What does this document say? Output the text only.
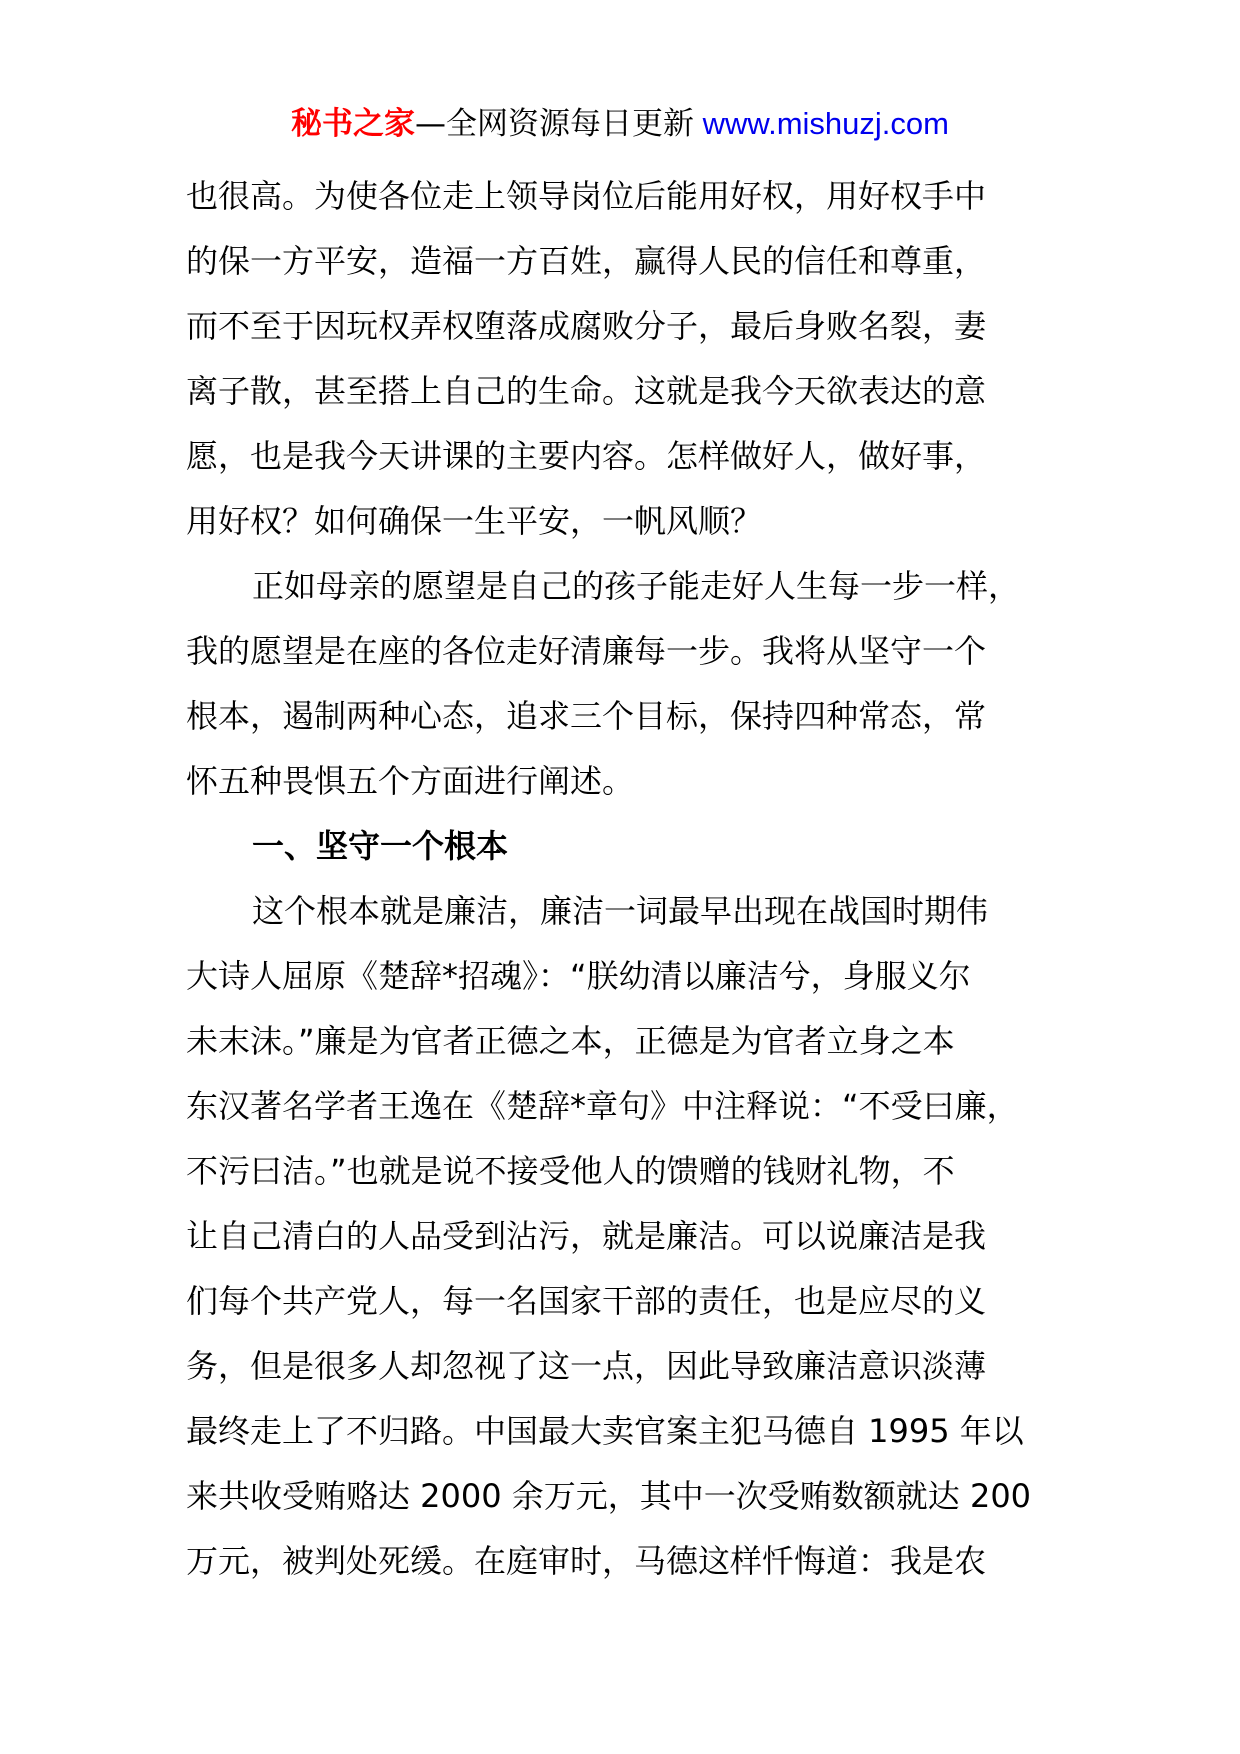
秘书之家—全网资源每日更新 www.mishuzj.com
也很高。为使各位走上领导岗位后能用好权，用好权手中
的保一方平安，造福一方百姓，赢得人民的信任和尊重，
而不至于因玩权弄权堕落成腐败分子，最后身败名裂，妻
离子散，甚至搭上自己的生命。这就是我今天欲表达的意
愿，也是我今天讲课的主要内容。怎样做好人，做好事，
用好权？如何确保一生平安，一帆风顺？
正如母亲的愿望是自己的孩子能走好人生每一步一样，
我的愿望是在座的各位走好清廉每一步。我将从坚守一个
根本，遏制两种心态，追求三个目标，保持四种常态，常
怀五种畏惧五个方面进行阐述。
一、坚守一个根本
这个根本就是廉洁，廉洁一词最早出现在战国时期伟
大诗人屈原《楚辞*招魂》：“朕幼清以廉洁兮，身服义尔
未末沫。”廉是为官者正德之本，正德是为官者立身之本
东汉著名学者王逸在《楚辞*章句》中注释说：“不受曰廉，
不污曰洁。”也就是说不接受他人的馈赠的钱财礼物，不
让自己清白的人品受到沾污，就是廉洁。可以说廉洁是我
们每个共产党人，每一名国家干部的责任，也是应尽的义
务，但是很多人却忽视了这一点，因此导致廉洁意识淡薄
最终走上了不归路。中国最大卖官案主犯马德自 1995 年以
来共收受贿赂达 2000 余万元，其中一次受贿数额就达 200
万元，被判处死缓。在庭审时，马德这样忏悔道：我是农
